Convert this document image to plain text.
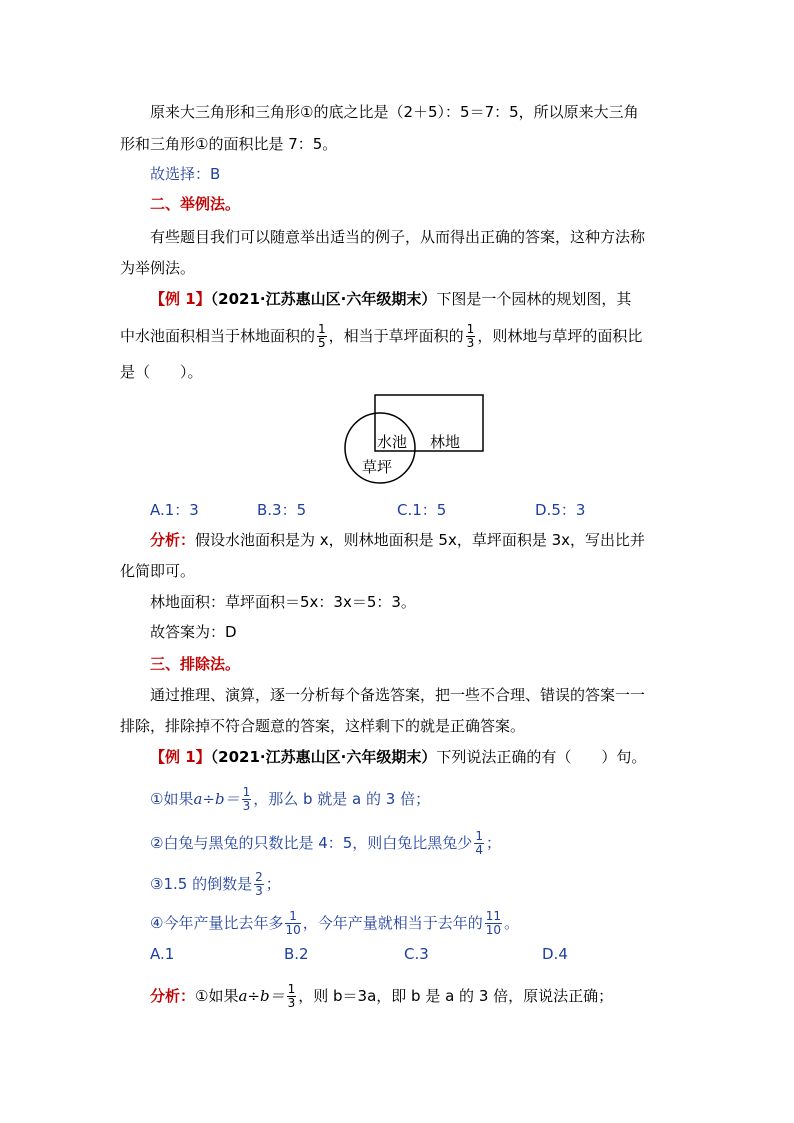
原来大三角形和三角形①的底之比是（2＋5）：5＝7：5，所以原来大三角
形和三角形①的面积比是 7：5。
故选择：B
二、举例法。
有些题目我们可以随意举出适当的例子，从而得出正确的答案，这种方法称
为举例法。
【例 1】（2021·江苏惠山区·六年级期末）下图是一个园林的规划图，其
中水池面积相当于林地面积的 $\frac{1}{5}$ ，相当于草坪面积的 $\frac{1}{3}$ ，则林地与草坪的面积比
是（　　）。
水池 林地
草坪
A.1：3	B.3：5	C.1：5	D.5：3
分析：假设水池面积是为 x，则林地面积是 5x，草坪面积是 3x，写出比并
化简即可。
林地面积：草坪面积＝5x：3x＝5：3。
故答案为：D
三、排除法。
通过推理、演算，逐一分析每个备选答案，把一些不合理、错误的答案一一
排除，排除掉不符合题意的答案，这样剩下的就是正确答案。
【例 1】（2021·江苏惠山区·六年级期末）下列说法正确的有（　　）句。
①如果$a\div b= \frac{1}{3}$ ，那么 b 就是 a 的 3 倍；
②白兔与黑兔的只数比是 4：5，则白兔比黑兔少 $\frac{1}{4}$ ；
③1.5 的倒数是 $\frac{2}{3}$ ；
④今年产量比去年多 $\frac{1}{10}$ ，今年产量就相当于去年的 $\frac{11}{10}$ 。
A.1	B.2	C.3	D.4
分析：①如果$a\div b= \frac{1}{3}$ ，则 b＝3a，即 b 是 a 的 3 倍，原说法正确；
